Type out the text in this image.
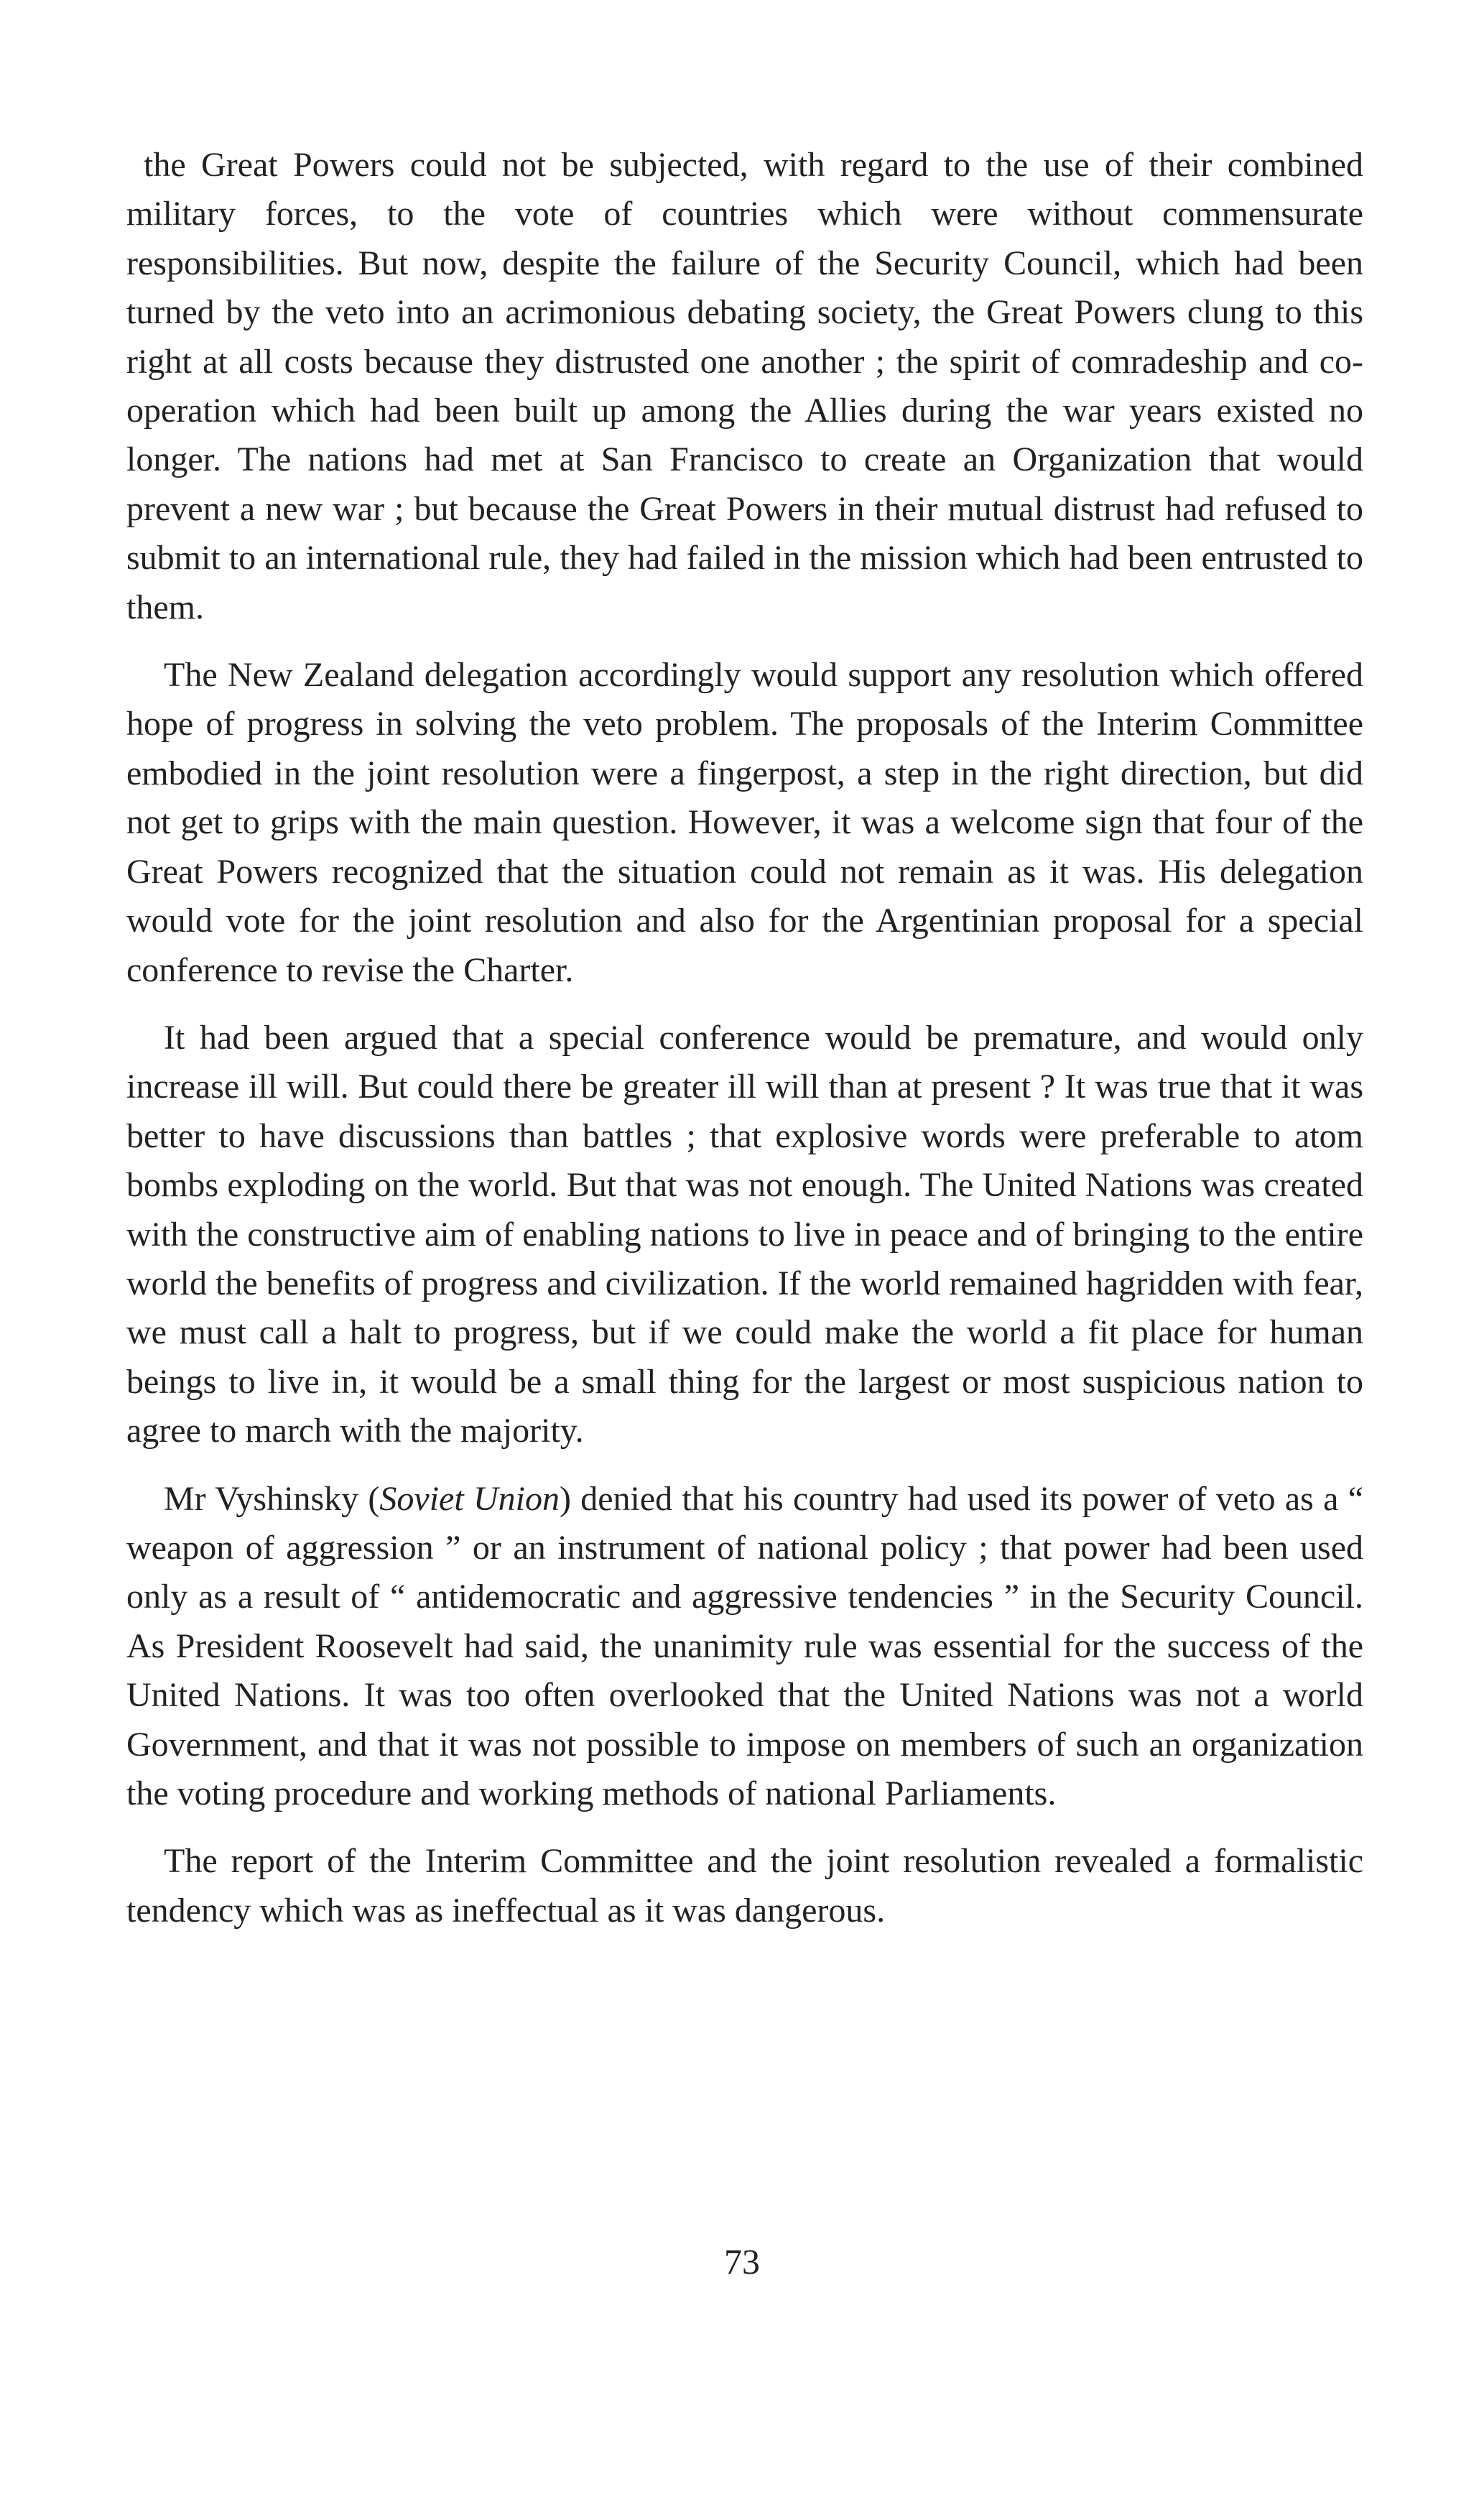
the Great Powers could not be subjected, with regard to the use of their combined military forces, to the vote of countries which were without commensurate responsibilities. But now, despite the failure of the Security Council, which had been turned by the veto into an acrimonious debating society, the Great Powers clung to this right at all costs because they distrusted one another ; the spirit of comradeship and co-operation which had been built up among the Allies during the war years existed no longer. The nations had met at San Francisco to create an Organization that would prevent a new war ; but because the Great Powers in their mutual distrust had refused to submit to an international rule, they had failed in the mission which had been entrusted to them.

The New Zealand delegation accordingly would support any resolution which offered hope of progress in solving the veto problem. The proposals of the Interim Committee embodied in the joint resolution were a fingerpost, a step in the right direction, but did not get to grips with the main question. However, it was a welcome sign that four of the Great Powers recognized that the situation could not remain as it was. His delegation would vote for the joint resolution and also for the Argentinian proposal for a special conference to revise the Charter.

It had been argued that a special conference would be premature, and would only increase ill will. But could there be greater ill will than at present ? It was true that it was better to have discussions than battles ; that explosive words were preferable to atom bombs exploding on the world. But that was not enough. The United Nations was created with the constructive aim of enabling nations to live in peace and of bringing to the entire world the benefits of progress and civilization. If the world remained hagridden with fear, we must call a halt to progress, but if we could make the world a fit place for human beings to live in, it would be a small thing for the largest or most suspicious nation to agree to march with the majority.

Mr Vyshinsky (Soviet Union) denied that his country had used its power of veto as a “ weapon of aggression ” or an instrument of national policy ; that power had been used only as a result of “ antidemocratic and aggressive tendencies ” in the Security Council. As President Roosevelt had said, the unanimity rule was essential for the success of the United Nations. It was too often overlooked that the United Nations was not a world Government, and that it was not possible to impose on members of such an organization the voting procedure and working methods of national Parliaments.

The report of the Interim Committee and the joint resolution revealed a formalistic tendency which was as ineffectual as it was dangerous.

73
